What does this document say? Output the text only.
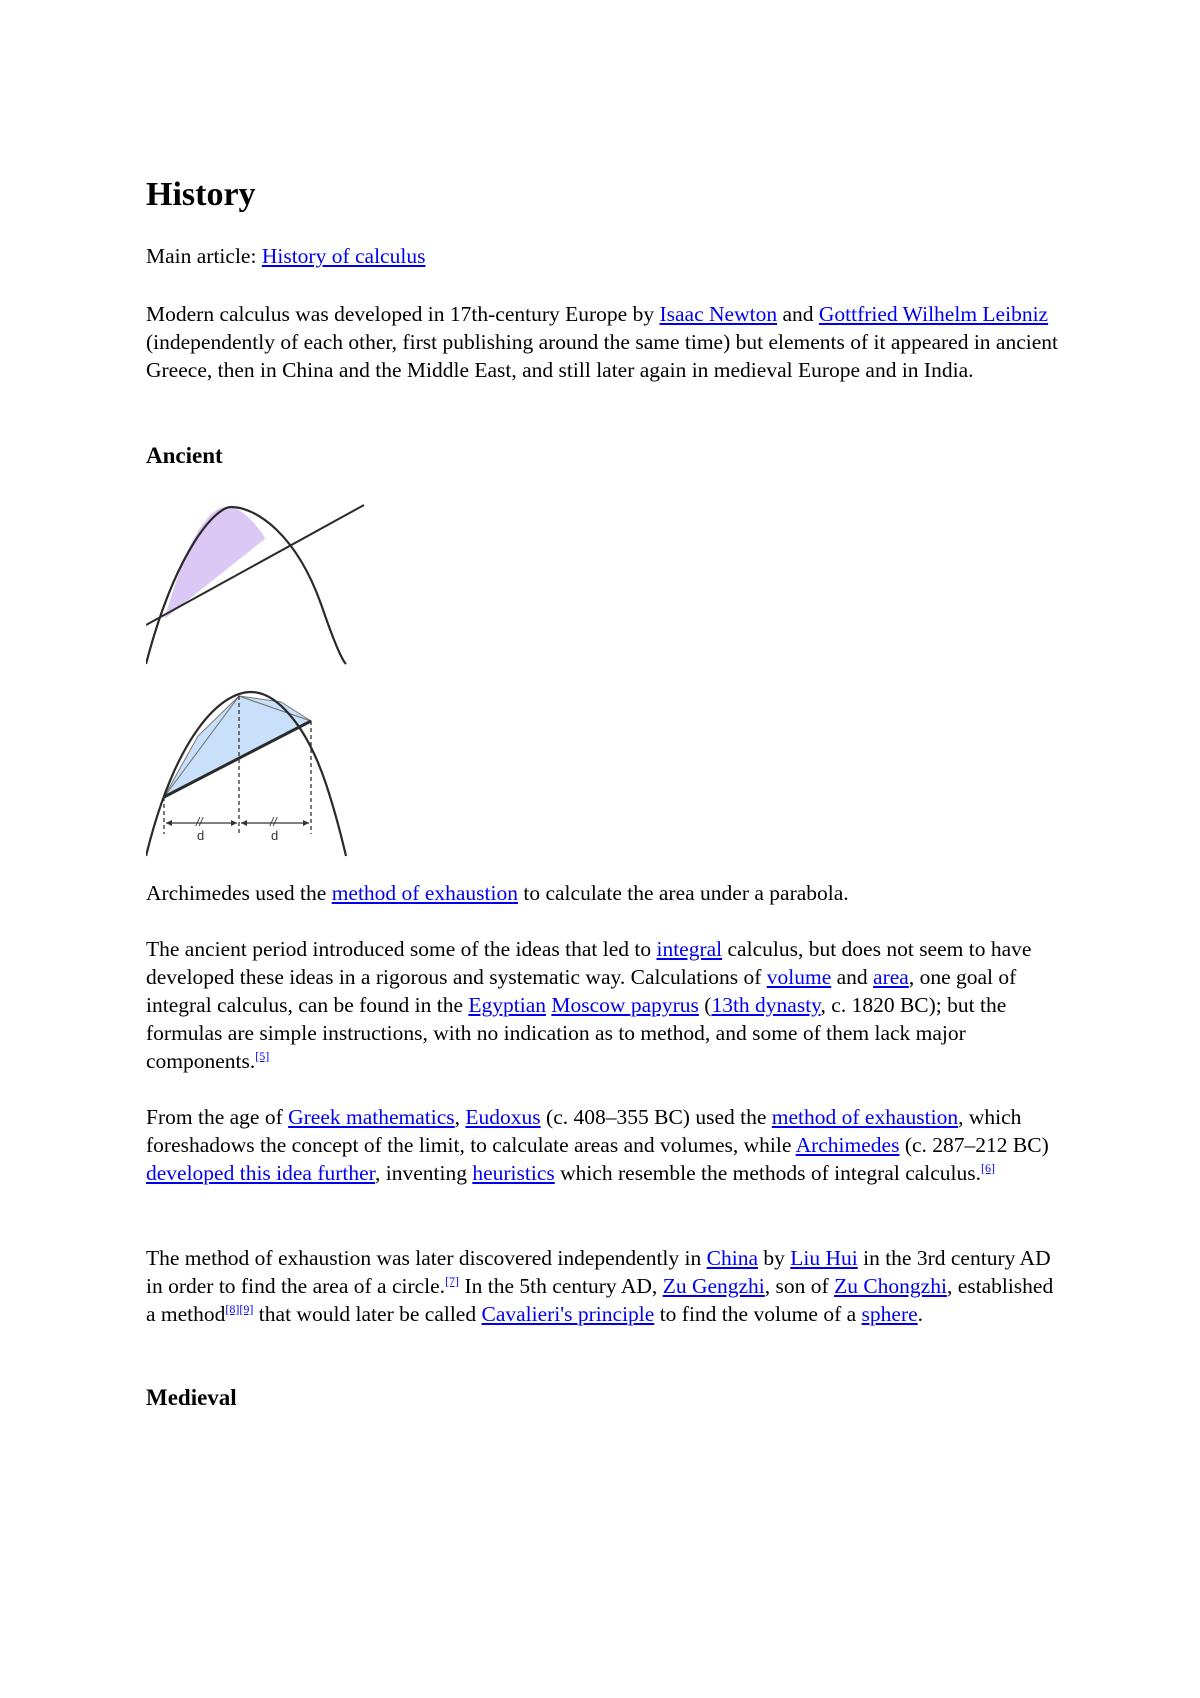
History

Main article: History of calculus

Modern calculus was developed in 17th-century Europe by Isaac Newton and Gottfried Wilhelm Leibniz (independently of each other, first publishing around the same time) but elements of it appeared in ancient Greece, then in China and the Middle East, and still later again in medieval Europe and in India.

Ancient
//	//
d	d

Archimedes used the method of exhaustion to calculate the area under a parabola.

The ancient period introduced some of the ideas that led to integral calculus, but does not seem to have developed these ideas in a rigorous and systematic way. Calculations of volume and area, one goal of integral calculus, can be found in the Egyptian Moscow papyrus (13th dynasty, c. 1820 BC); but the formulas are simple instructions, with no indication as to method, and some of them lack major components.[5]

From the age of Greek mathematics, Eudoxus (c. 408–355 BC) used the method of exhaustion, which foreshadows the concept of the limit, to calculate areas and volumes, while Archimedes (c. 287–212 BC) developed this idea further, inventing heuristics which resemble the methods of integral calculus.[6]

The method of exhaustion was later discovered independently in China by Liu Hui in the 3rd century AD in order to find the area of a circle.[7] In the 5th century AD, Zu Gengzhi, son of Zu Chongzhi, established a method[8][9] that would later be called Cavalieri's principle to find the volume of a sphere.

Medieval
